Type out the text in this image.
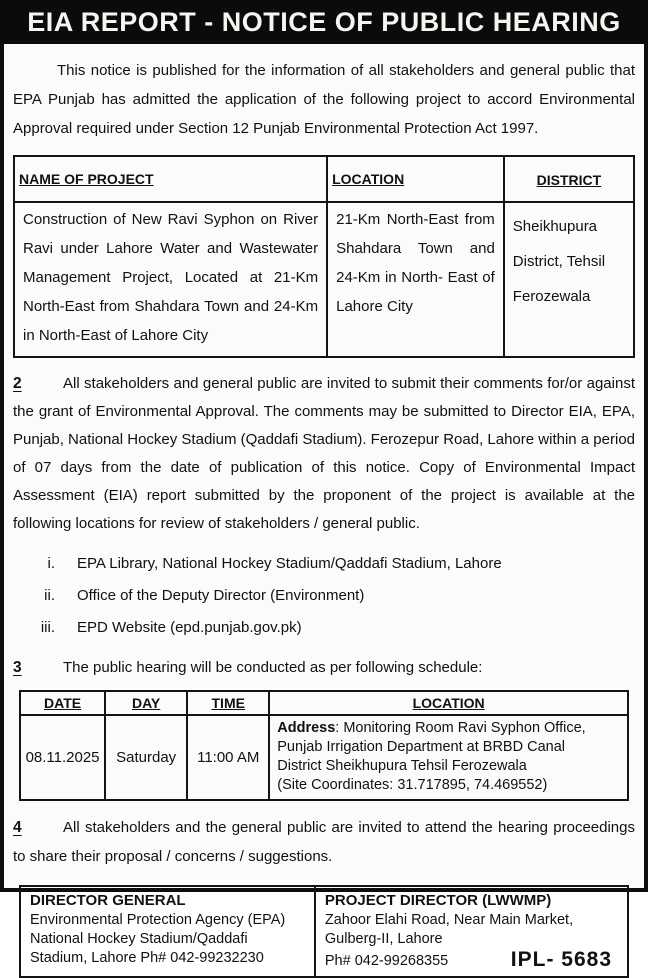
EIA REPORT - NOTICE OF PUBLIC HEARING

This notice is published for the information of all stakeholders and general public that EPA Punjab has admitted the application of the following project to accord Environmental Approval required under Section 12 Punjab Environmental Protection Act 1997.

NAME OF PROJECT	LOCATION	DISTRICT
Construction of New Ravi Syphon on River Ravi under Lahore Water and Wastewater Management Project, Located at 21-Km North-East from Shahdara Town and 24-Km in North-East of Lahore City	21-Km North-East from Shahdara Town and 24-Km in North- East of Lahore City	Sheikhupura District, Tehsil Ferozewala

2	All stakeholders and general public are invited to submit their comments for/or against the grant of Environmental Approval. The comments may be submitted to Director EIA, EPA, Punjab, National Hockey Stadium (Qaddafi Stadium). Ferozepur Road, Lahore within a period of 07 days from the date of publication of this notice. Copy of Environmental Impact Assessment (EIA) report submitted by the proponent of the project is available at the following locations for review of stakeholders / general public.

i. EPA Library, National Hockey Stadium/Qaddafi Stadium, Lahore
ii. Office of the Deputy Director (Environment)
iii. EPD Website (epd.punjab.gov.pk)

3	The public hearing will be conducted as per following schedule:

DATE	DAY	TIME	LOCATION
08.11.2025	Saturday	11:00 AM	Address: Monitoring Room Ravi Syphon Office, Punjab Irrigation Department at BRBD Canal
District Sheikhupura Tehsil Ferozewala
(Site Coordinates: 31.717895, 74.469552)

4	All stakeholders and the general public are invited to attend the hearing proceedings to share their proposal / concerns / suggestions.

DIRECTOR GENERAL
Environmental Protection Agency (EPA) National Hockey Stadium/Qaddafi Stadium, Lahore Ph# 042-99232230

PROJECT DIRECTOR (LWWMP)
Zahoor Elahi Road, Near Main Market, Gulberg-II, Lahore
Ph# 042-99268355	IPL- 5683
